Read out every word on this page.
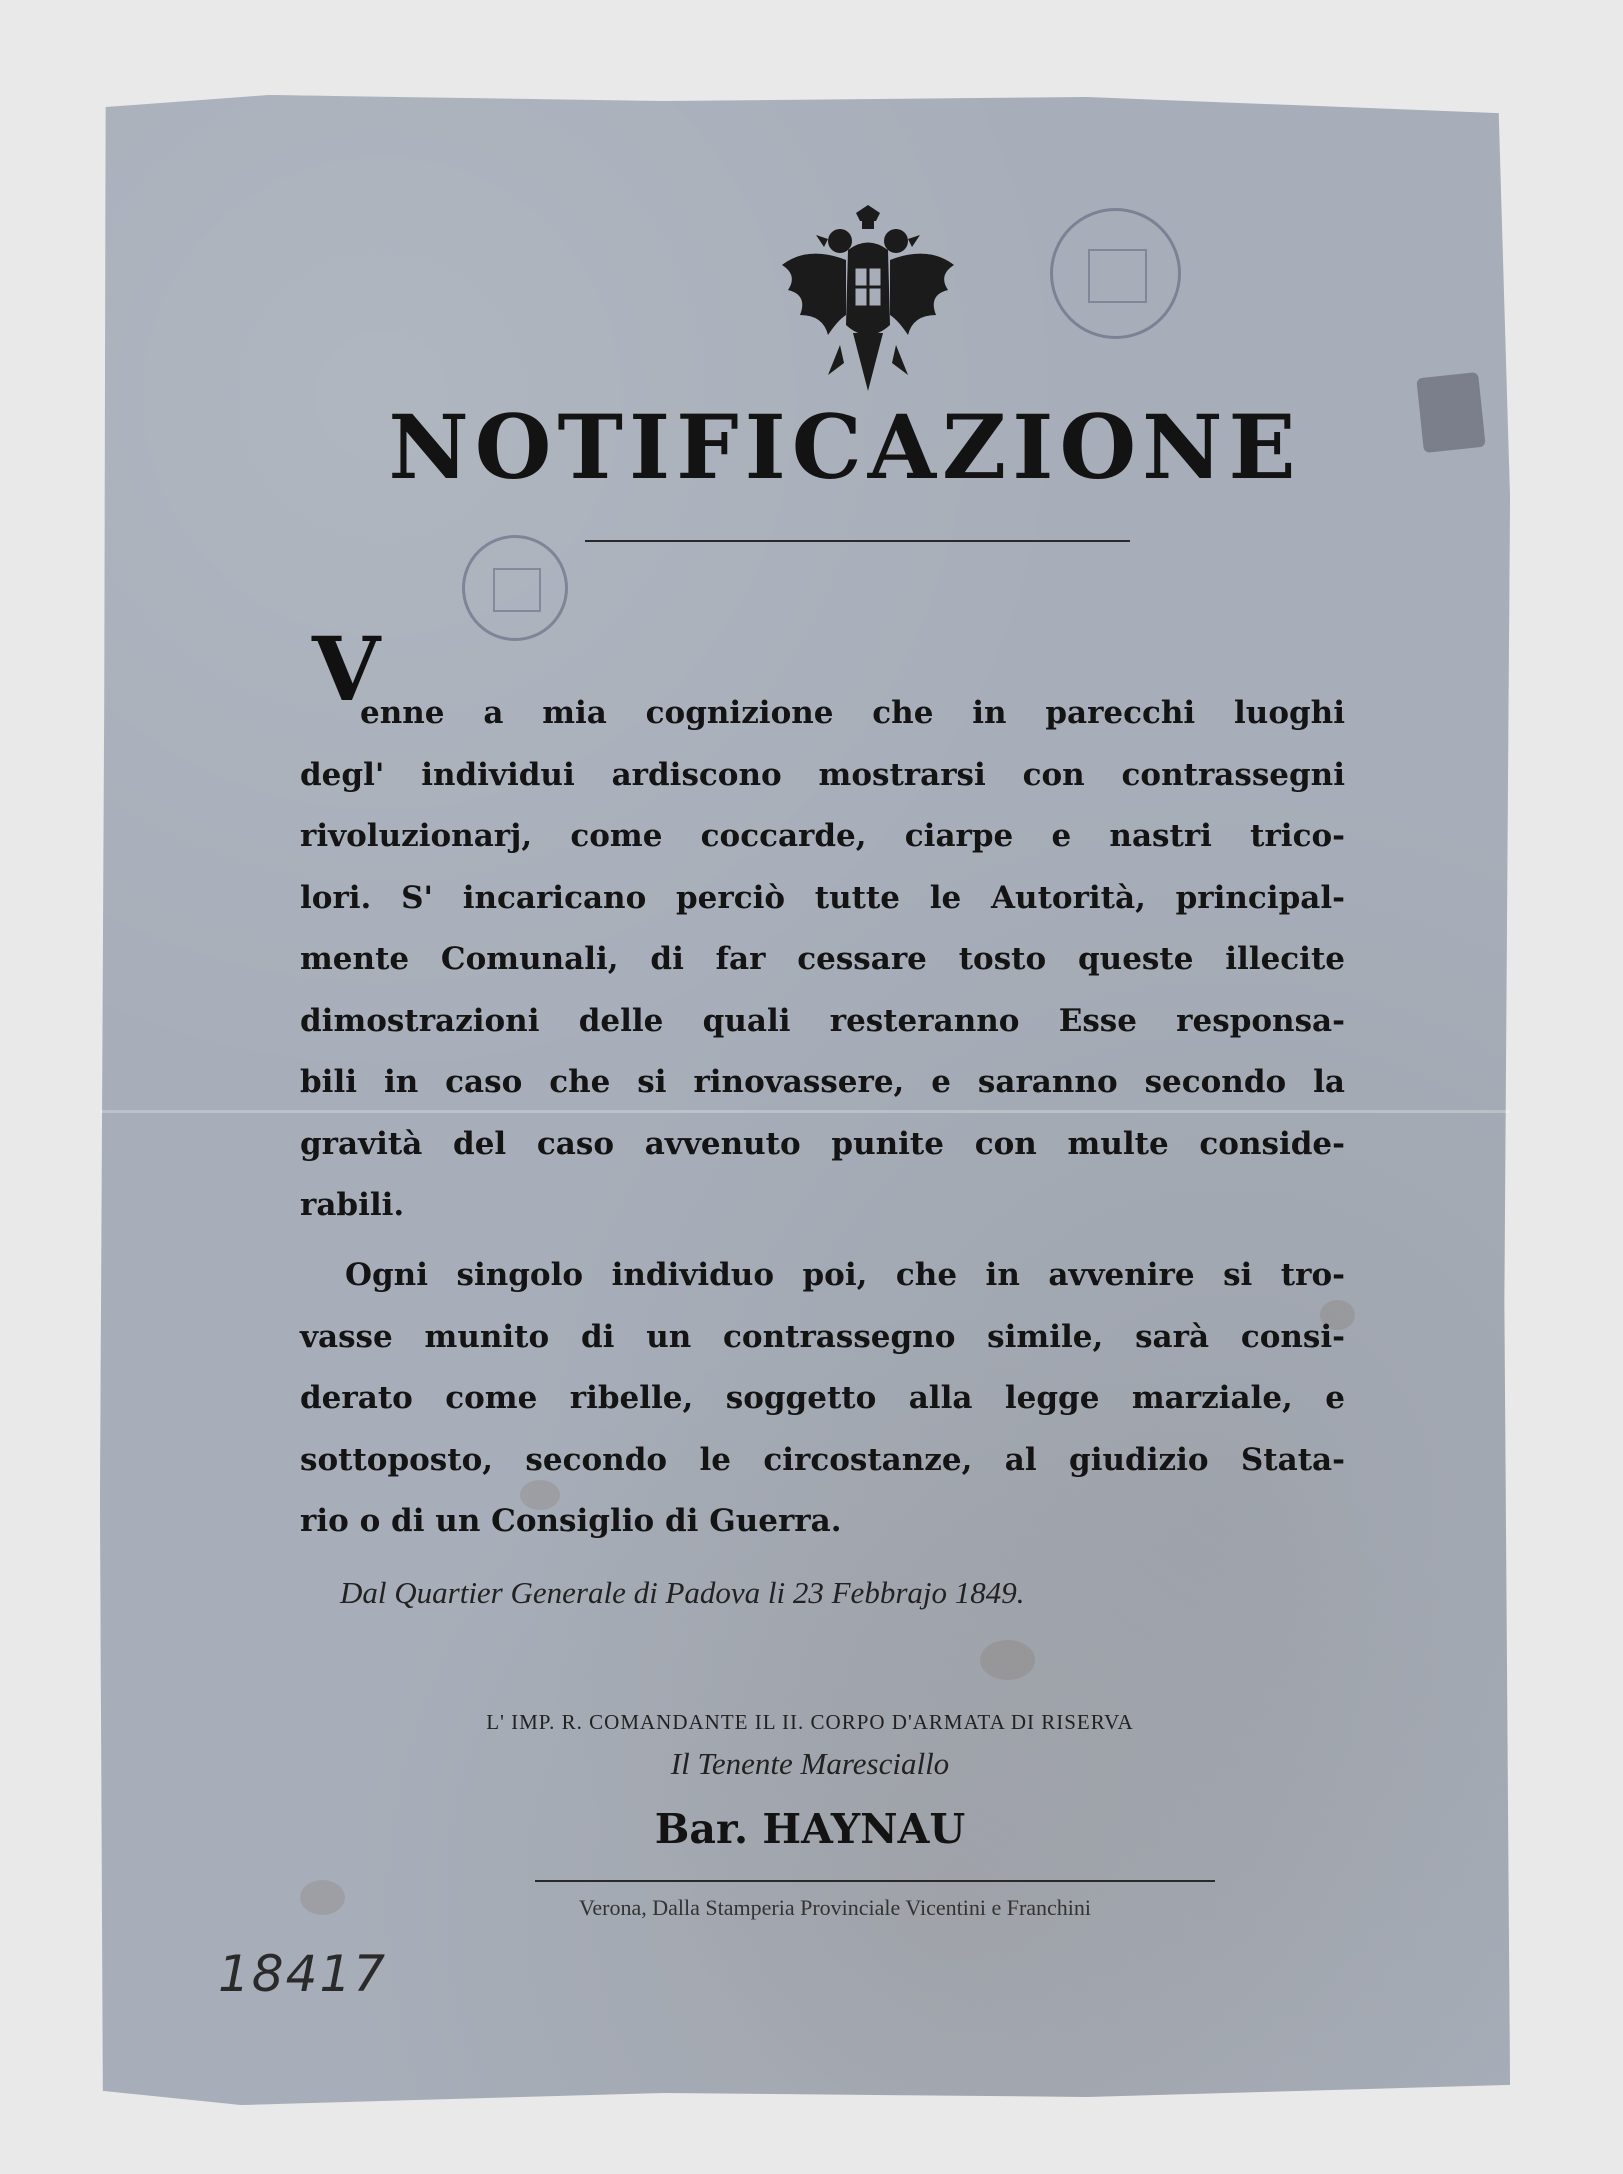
NOTIFICAZIONE
V
enne a mia cognizione che in parecchi luoghi
degl' individui ardiscono mostrarsi con contrassegni
rivoluzionarj, come coccarde, ciarpe e nastri trico-
lori. S' incaricano perciò tutte le Autorità, principal-
mente Comunali, di far cessare tosto queste illecite
dimostrazioni delle quali resteranno Esse responsa-
bili in caso che si rinovassere, e saranno secondo la
gravità del caso avvenuto punite con multe conside-
rabili.
Ogni singolo individuo poi, che in avvenire si tro-
vasse munito di un contrassegno simile, sarà consi-
derato come ribelle, soggetto alla legge marziale, e
sottoposto, secondo le circostanze, al giudizio Stata-
rio o di un Consiglio di Guerra.
Dal Quartier Generale di Padova li 23 Febbrajo 1849.
L' IMP. R. COMANDANTE IL II. CORPO D'ARMATA DI RISERVA
Il Tenente Maresciallo
Bar. HAYNAU
Verona, Dalla Stamperia Provinciale Vicentini e Franchini
18417
